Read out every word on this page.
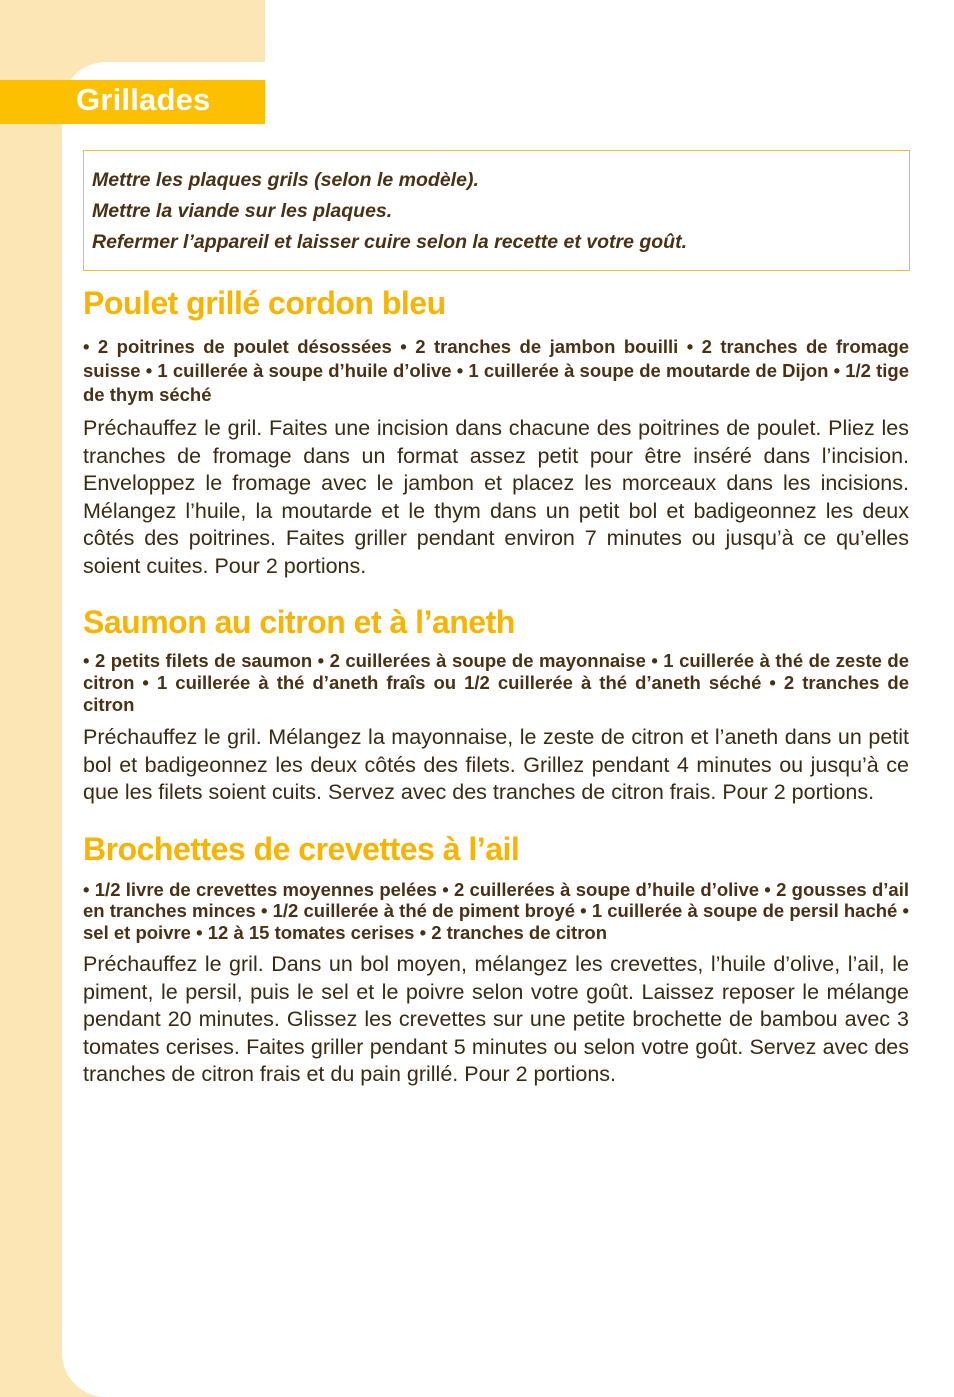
Grillades

Mettre les plaques grils (selon le modèle).

Mettre la viande sur les plaques.

Refermer l’appareil et laisser cuire selon la recette et votre goût.

Poulet grillé cordon bleu

• 2 poitrines de poulet désossées • 2 tranches de jambon bouilli • 2 tranches de fromage suisse • 1 cuillerée à soupe d’huile d’olive • 1 cuillerée à soupe de moutarde de Dijon • 1/2 tige de thym séché

Préchauffez le gril. Faites une incision dans chacune des poitrines de poulet. Pliez les tranches de fromage dans un format assez petit pour être inséré dans l’incision. Enveloppez le fromage avec le jambon et placez les morceaux dans les incisions. Mélangez l’huile, la moutarde et le thym dans un petit bol et badigeonnez les deux côtés des poitrines. Faites griller pendant environ 7 minutes ou jusqu’à ce qu’elles soient cuites. Pour 2 portions.

Saumon au citron et à l’aneth

• 2 petits filets de saumon • 2 cuillerées à soupe de mayonnaise • 1 cuillerée à thé de zeste de citron • 1 cuillerée à thé d’aneth fraîs ou 1/2 cuillerée à thé d’aneth séché • 2 tranches de citron

Préchauffez le gril. Mélangez la mayonnaise, le zeste de citron et l’aneth dans un petit bol et badigeonnez les deux côtés des filets. Grillez pendant 4 minutes ou jusqu’à ce que les filets soient cuits. Servez avec des tranches de citron frais. Pour 2 portions.

Brochettes de crevettes à l’ail

• 1/2 livre de crevettes moyennes pelées • 2 cuillerées à soupe d’huile d’olive • 2 gousses d’ail en tranches minces • 1/2 cuillerée à thé de piment broyé • 1 cuillerée à soupe de persil haché • sel et poivre • 12 à 15 tomates cerises • 2 tranches de citron

Préchauffez le gril. Dans un bol moyen, mélangez les crevettes, l’huile d’olive, l’ail, le piment, le persil, puis le sel et le poivre selon votre goût. Laissez reposer le mélange pendant 20 minutes. Glissez les crevettes sur une petite brochette de bambou avec 3 tomates cerises. Faites griller pendant 5 minutes ou selon votre goût. Servez avec des tranches de citron frais et du pain grillé. Pour 2 portions.
